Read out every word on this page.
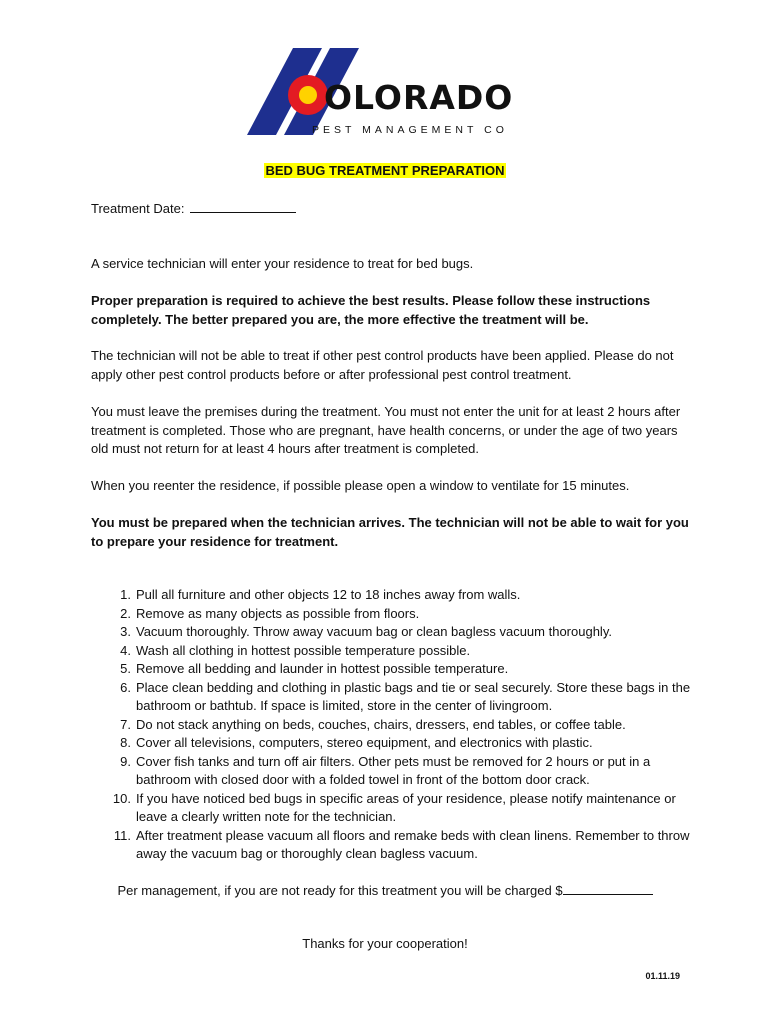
OLORADO
PEST MANAGEMENT CO
BED BUG TREATMENT PREPARATION

Treatment Date:

A service technician will enter your residence to treat for bed bugs.

Proper preparation is required to achieve the best results. Please follow these instructions completely. The better prepared you are, the more effective the treatment will be.

The technician will not be able to treat if other pest control products have been applied. Please do not apply other pest control products before or after professional pest control treatment.

You must leave the premises during the treatment. You must not enter the unit for at least 2 hours after treatment is completed. Those who are pregnant, have health concerns, or under the age of two years old must not return for at least 4 hours after treatment is completed.

When you reenter the residence, if possible please open a window to ventilate for 15 minutes.

You must be prepared when the technician arrives. The technician will not be able to wait for you to prepare your residence for treatment.

1. Pull all furniture and other objects 12 to 18 inches away from walls.
2. Remove as many objects as possible from floors.
3. Vacuum thoroughly. Throw away vacuum bag or clean bagless vacuum thoroughly.
4. Wash all clothing in hottest possible temperature possible.
5. Remove all bedding and launder in hottest possible temperature.
6. Place clean bedding and clothing in plastic bags and tie or seal securely. Store these bags in the bathroom or bathtub. If space is limited, store in the center of livingroom.
7. Do not stack anything on beds, couches, chairs, dressers, end tables, or coffee table.
8. Cover all televisions, computers, stereo equipment, and electronics with plastic.
9. Cover fish tanks and turn off air filters. Other pets must be removed for 2 hours or put in a bathroom with closed door with a folded towel in front of the bottom door crack.
10. If you have noticed bed bugs in specific areas of your residence, please notify maintenance or leave a clearly written note for the technician.
11. After treatment please vacuum all floors and remake beds with clean linens. Remember to throw away the vacuum bag or thoroughly clean bagless vacuum.
Per management, if you are not ready for this treatment you will be charged $
Thanks for your cooperation!
01.11.19
